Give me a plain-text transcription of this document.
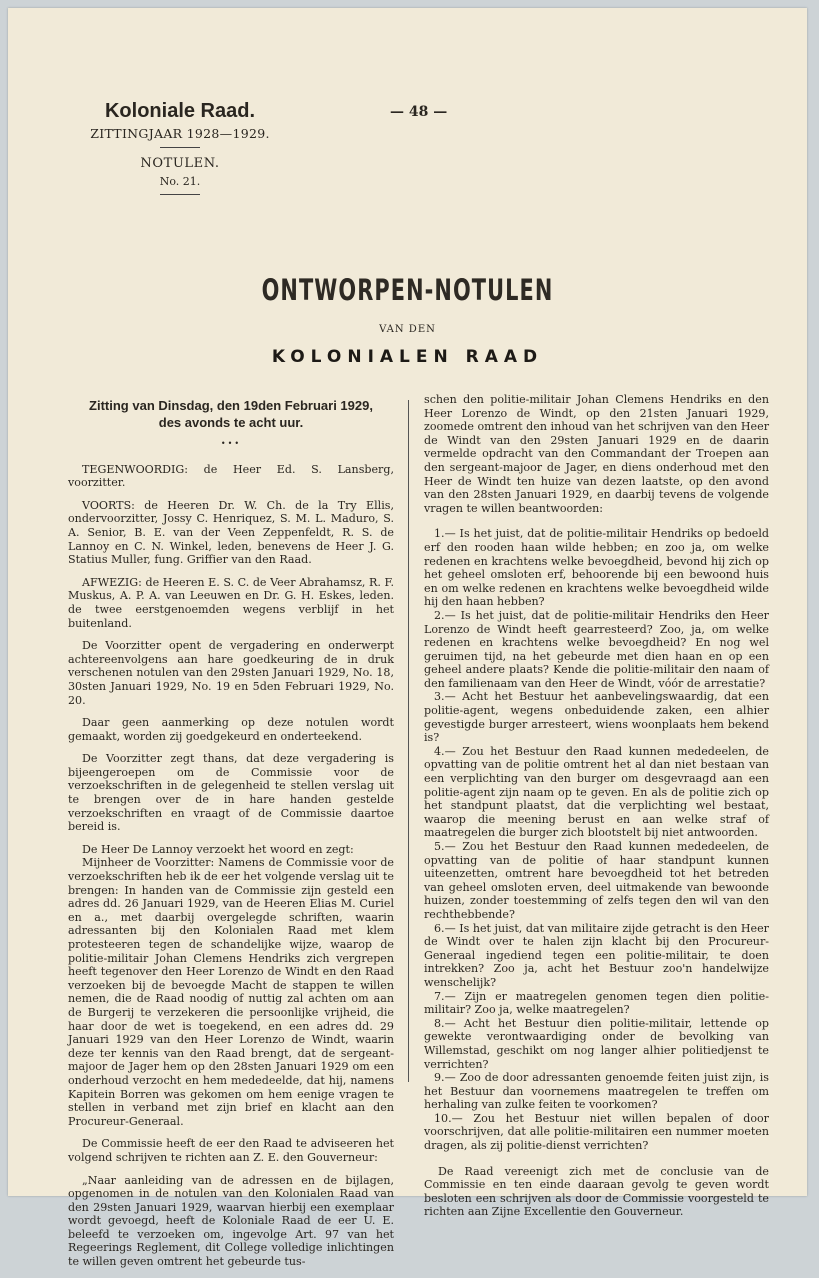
Koloniale Raad.
ZITTINGJAAR 1928—1929.
NOTULEN.
No. 21.
— 48 —
ONTWORPEN-NOTULEN
VAN DEN
KOLONIALEN RAAD
Zitting van Dinsdag, den 19den Februari 1929,
des avonds te acht uur.
•••

TEGENWOORDIG: de Heer Ed. S. Lansberg, voorzitter.

VOORTS: de Heeren Dr. W. Ch. de la Try Ellis, ondervoorzitter, Jossy C. Henriquez, S. M. L. Maduro, S. A. Senior, B. E. van der Veen Zeppenfeldt, R. S. de Lannoy en C. N. Winkel, leden, benevens de Heer J. G. Statius Muller, fung. Griffier van den Raad.

AFWEZIG: de Heeren E. S. C. de Veer Abrahamsz, R. F. Muskus, A. P. A. van Leeuwen en Dr. G. H. Eskes, leden. de twee eerstgenoemden wegens verblijf in het buitenland.

De Voorzitter opent de vergadering en onderwerpt achtereenvolgens aan hare goedkeuring de in druk verschenen notulen van den 29sten Januari 1929, No. 18, 30sten Januari 1929, No. 19 en 5den Februari 1929, No. 20.

Daar geen aanmerking op deze notulen wordt gemaakt, worden zij goedgekeurd en onderteekend.

De Voorzitter zegt thans, dat deze vergadering is bijeengeroepen om de Commissie voor de verzoekschriften in de gelegenheid te stellen verslag uit te brengen over de in hare handen gestelde verzoekschriften en vraagt of de Commissie daartoe bereid is.

De Heer De Lannoy verzoekt het woord en zegt:

Mijnheer de Voorzitter: Namens de Commissie voor de verzoekschriften heb ik de eer het volgende verslag uit te brengen: In handen van de Commissie zijn gesteld een adres dd. 26 Januari 1929, van de Heeren Elias M. Curiel en a., met daarbij overgelegde schriften, waarin adressanten bij den Kolonialen Raad met klem protesteeren tegen de schandelijke wijze, waarop de politie-militair Johan Clemens Hendriks zich vergrepen heeft tegenover den Heer Lorenzo de Windt en den Raad verzoeken bij de bevoegde Macht de stappen te willen nemen, die de Raad noodig of nuttig zal achten om aan de Burgerij te verzekeren die persoonlijke vrijheid, die haar door de wet is toegekend, en een adres dd. 29 Januari 1929 van den Heer Lorenzo de Windt, waarin deze ter kennis van den Raad brengt, dat de sergeant-majoor de Jager hem op den 28sten Januari 1929 om een onderhoud verzocht en hem mededeelde, dat hij, namens Kapitein Borren was gekomen om hem eenige vragen te stellen in verband met zijn brief en klacht aan den Procureur-Generaal.

De Commissie heeft de eer den Raad te adviseeren het volgend schrijven te richten aan Z. E. den Gouverneur:

„Naar aanleiding van de adressen en de bijlagen, opgenomen in de notulen van den Kolonialen Raad van den 29sten Januari 1929, waarvan hierbij een exemplaar wordt gevoegd, heeft de Koloniale Raad de eer U. E. beleefd te verzoeken om, ingevolge Art. 97 van het Regeerings Reglement, dit College volledige inlichtingen te willen geven omtrent het gebeurde tus-

schen den politie-militair Johan Clemens Hendriks en den Heer Lorenzo de Windt, op den 21sten Januari 1929, zoomede omtrent den inhoud van het schrijven van den Heer de Windt van den 29sten Januari 1929 en de daarin vermelde opdracht van den Commandant der Troepen aan den sergeant-majoor de Jager, en diens onderhoud met den Heer de Windt ten huize van dezen laatste, op den avond van den 28sten Januari 1929, en daarbij tevens de volgende vragen te willen beantwoorden:

1.— Is het juist, dat de politie-militair Hendriks op bedoeld erf den rooden haan wilde hebben; en zoo ja, om welke redenen en krachtens welke bevoegdheid, bevond hij zich op het geheel omsloten erf, behoorende bij een bewoond huis en om welke redenen en krachtens welke bevoegdheid wilde hij den haan hebben?

2.— Is het juist, dat de politie-militair Hendriks den Heer Lorenzo de Windt heeft gearresteerd? Zoo, ja, om welke redenen en krachtens welke bevoegdheid? En nog wel geruimen tijd, na het gebeurde met dien haan en op een geheel andere plaats? Kende die politie-militair den naam of den familienaam van den Heer de Windt, vóór de arrestatie?

3.— Acht het Bestuur het aanbevelingswaardig, dat een politie-agent, wegens onbeduidende zaken, een alhier gevestigde burger arresteert, wiens woonplaats hem bekend is?

4.— Zou het Bestuur den Raad kunnen mededeelen, de opvatting van de politie omtrent het al dan niet bestaan van een verplichting van den burger om desgevraagd aan een politie-agent zijn naam op te geven. En als de politie zich op het standpunt plaatst, dat die verplichting wel bestaat, waarop die meening berust en aan welke straf of maatregelen die burger zich blootstelt bij niet antwoorden.

5.— Zou het Bestuur den Raad kunnen mededeelen, de opvatting van de politie of haar standpunt kunnen uiteenzetten, omtrent hare bevoegdheid tot het betreden van geheel omsloten erven, deel uitmakende van bewoonde huizen, zonder toestemming of zelfs tegen den wil van den rechthebbende?

6.— Is het juist, dat van militaire zijde getracht is den Heer de Windt over te halen zijn klacht bij den Procureur-Generaal ingediend tegen een politie-militair, te doen intrekken? Zoo ja, acht het Bestuur zoo'n handelwijze wenschelijk?

7.— Zijn er maatregelen genomen tegen dien politie-militair? Zoo ja, welke maatregelen?

8.— Acht het Bestuur dien politie-militair, lettende op gewekte verontwaardiging onder de bevolking van Willemstad, geschikt om nog langer alhier politiedjenst te verrichten?

9.— Zoo de door adressanten genoemde feiten juist zijn, is het Bestuur dan voornemens maatregelen te treffen om herhaling van zulke feiten te voorkomen?

10.— Zou het Bestuur niet willen bepalen of door voorschrijven, dat alle politie-militairen een nummer moeten dragen, als zij politie-dienst verrichten?

De Raad vereenigt zich met de conclusie van de Commissie en ten einde daaraan gevolg te geven wordt besloten een schrijven als door de Commissie voorgesteld te richten aan Zijne Excellentie den Gouverneur.
